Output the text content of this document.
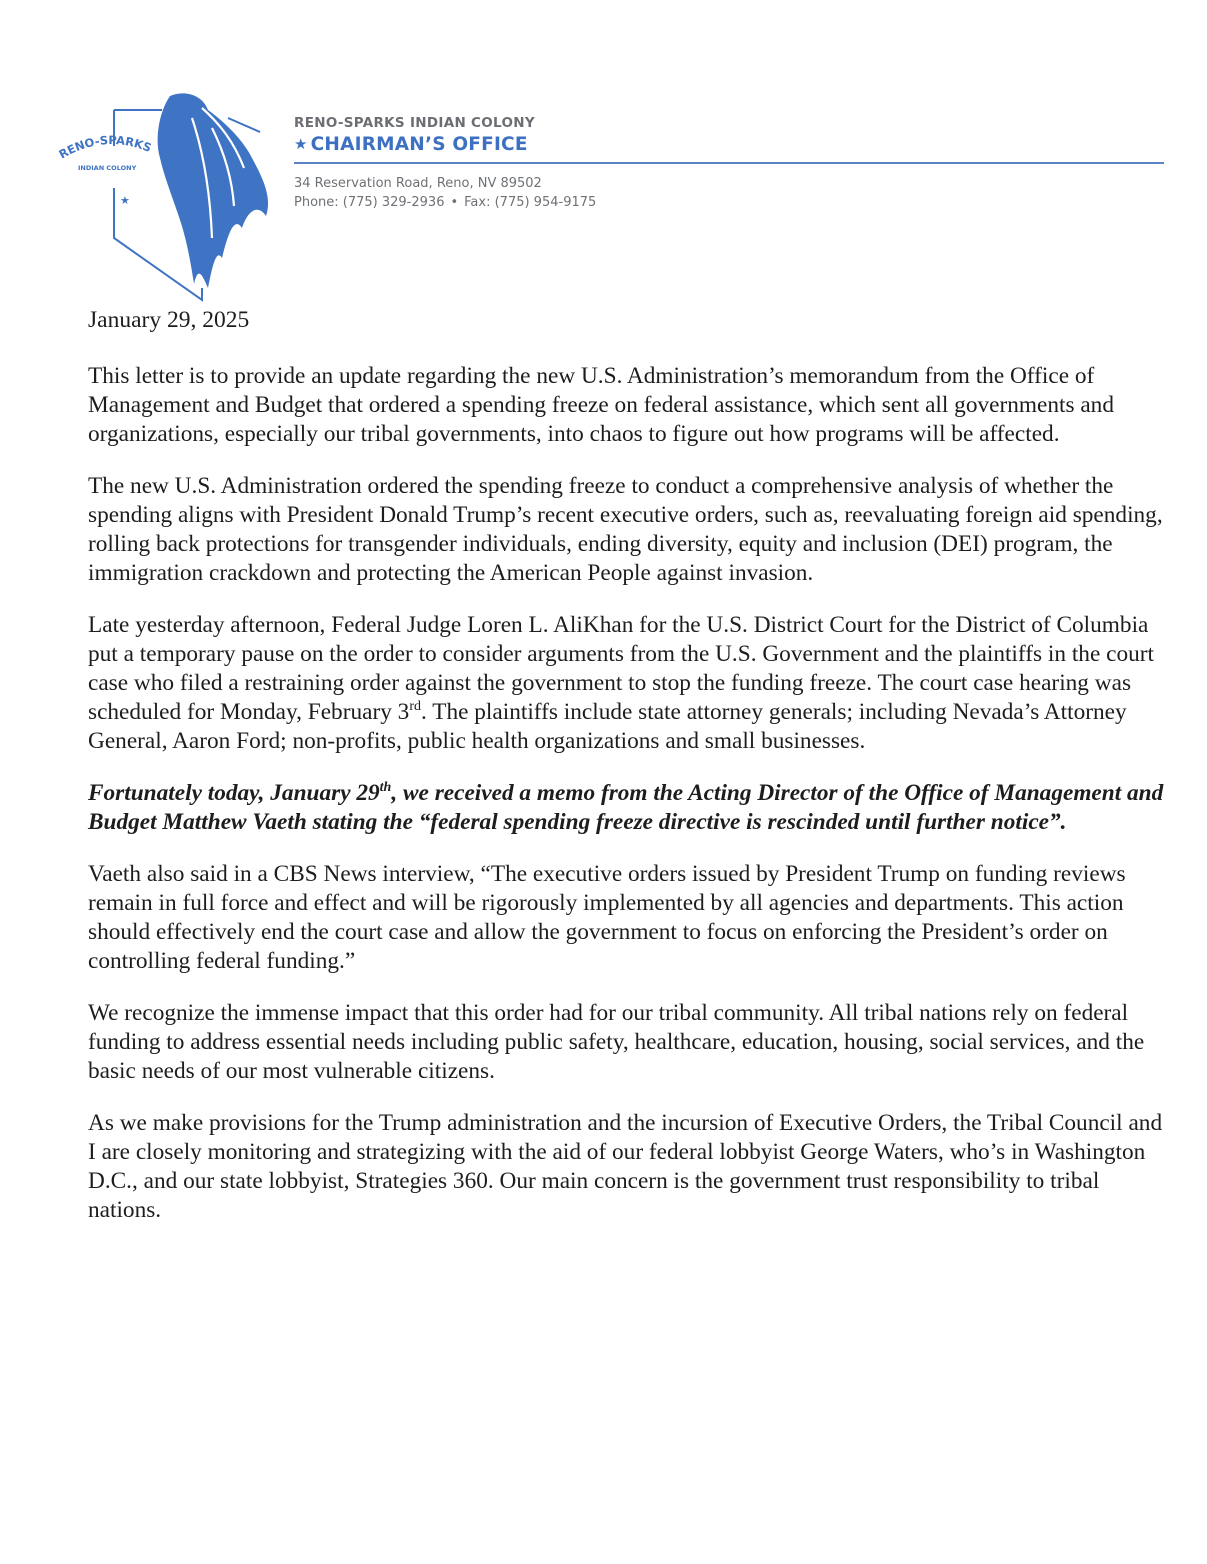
★
RENO-SPARKS
INDIAN COLONY
RENO-SPARKS INDIAN COLONY
★ CHAIRMAN’S OFFICE
34 Reservation Road, Reno, NV 89502
Phone: (775) 329-2936 • Fax: (775) 954-9175
January 29, 2025

This letter is to provide an update regarding the new U.S. Administration’s memorandum from the Office of Management and Budget that ordered a spending freeze on federal assistance, which sent all governments and organizations, especially our tribal governments, into chaos to figure out how programs will be affected.

The new U.S. Administration ordered the spending freeze to conduct a comprehensive analysis of whether the spending aligns with President Donald Trump’s recent executive orders, such as, reevaluating foreign aid spending, rolling back protections for transgender individuals, ending diversity, equity and inclusion (DEI) program, the immigration crackdown and protecting the American People against invasion.

Late yesterday afternoon, Federal Judge Loren L. AliKhan for the U.S. District Court for the District of Columbia put a temporary pause on the order to consider arguments from the U.S. Government and the plaintiffs in the court case who filed a restraining order against the government to stop the funding freeze. The court case hearing was scheduled for Monday, February 3rd. The plaintiffs include state attorney generals; including Nevada’s Attorney General, Aaron Ford; non-profits, public health organizations and small businesses.

Fortunately today, January 29th, we received a memo from the Acting Director of the Office of Management and Budget Matthew Vaeth stating the “federal spending freeze directive is rescinded until further notice”.

Vaeth also said in a CBS News interview, “The executive orders issued by President Trump on funding reviews remain in full force and effect and will be rigorously implemented by all agencies and departments. This action should effectively end the court case and allow the government to focus on enforcing the President’s order on controlling federal funding.”

We recognize the immense impact that this order had for our tribal community. All tribal nations rely on federal funding to address essential needs including public safety, healthcare, education, housing, social services, and the basic needs of our most vulnerable citizens.

As we make provisions for the Trump administration and the incursion of Executive Orders, the Tribal Council and I are closely monitoring and strategizing with the aid of our federal lobbyist George Waters, who’s in Washington D.C., and our state lobbyist, Strategies 360. Our main concern is the government trust responsibility to tribal nations.
